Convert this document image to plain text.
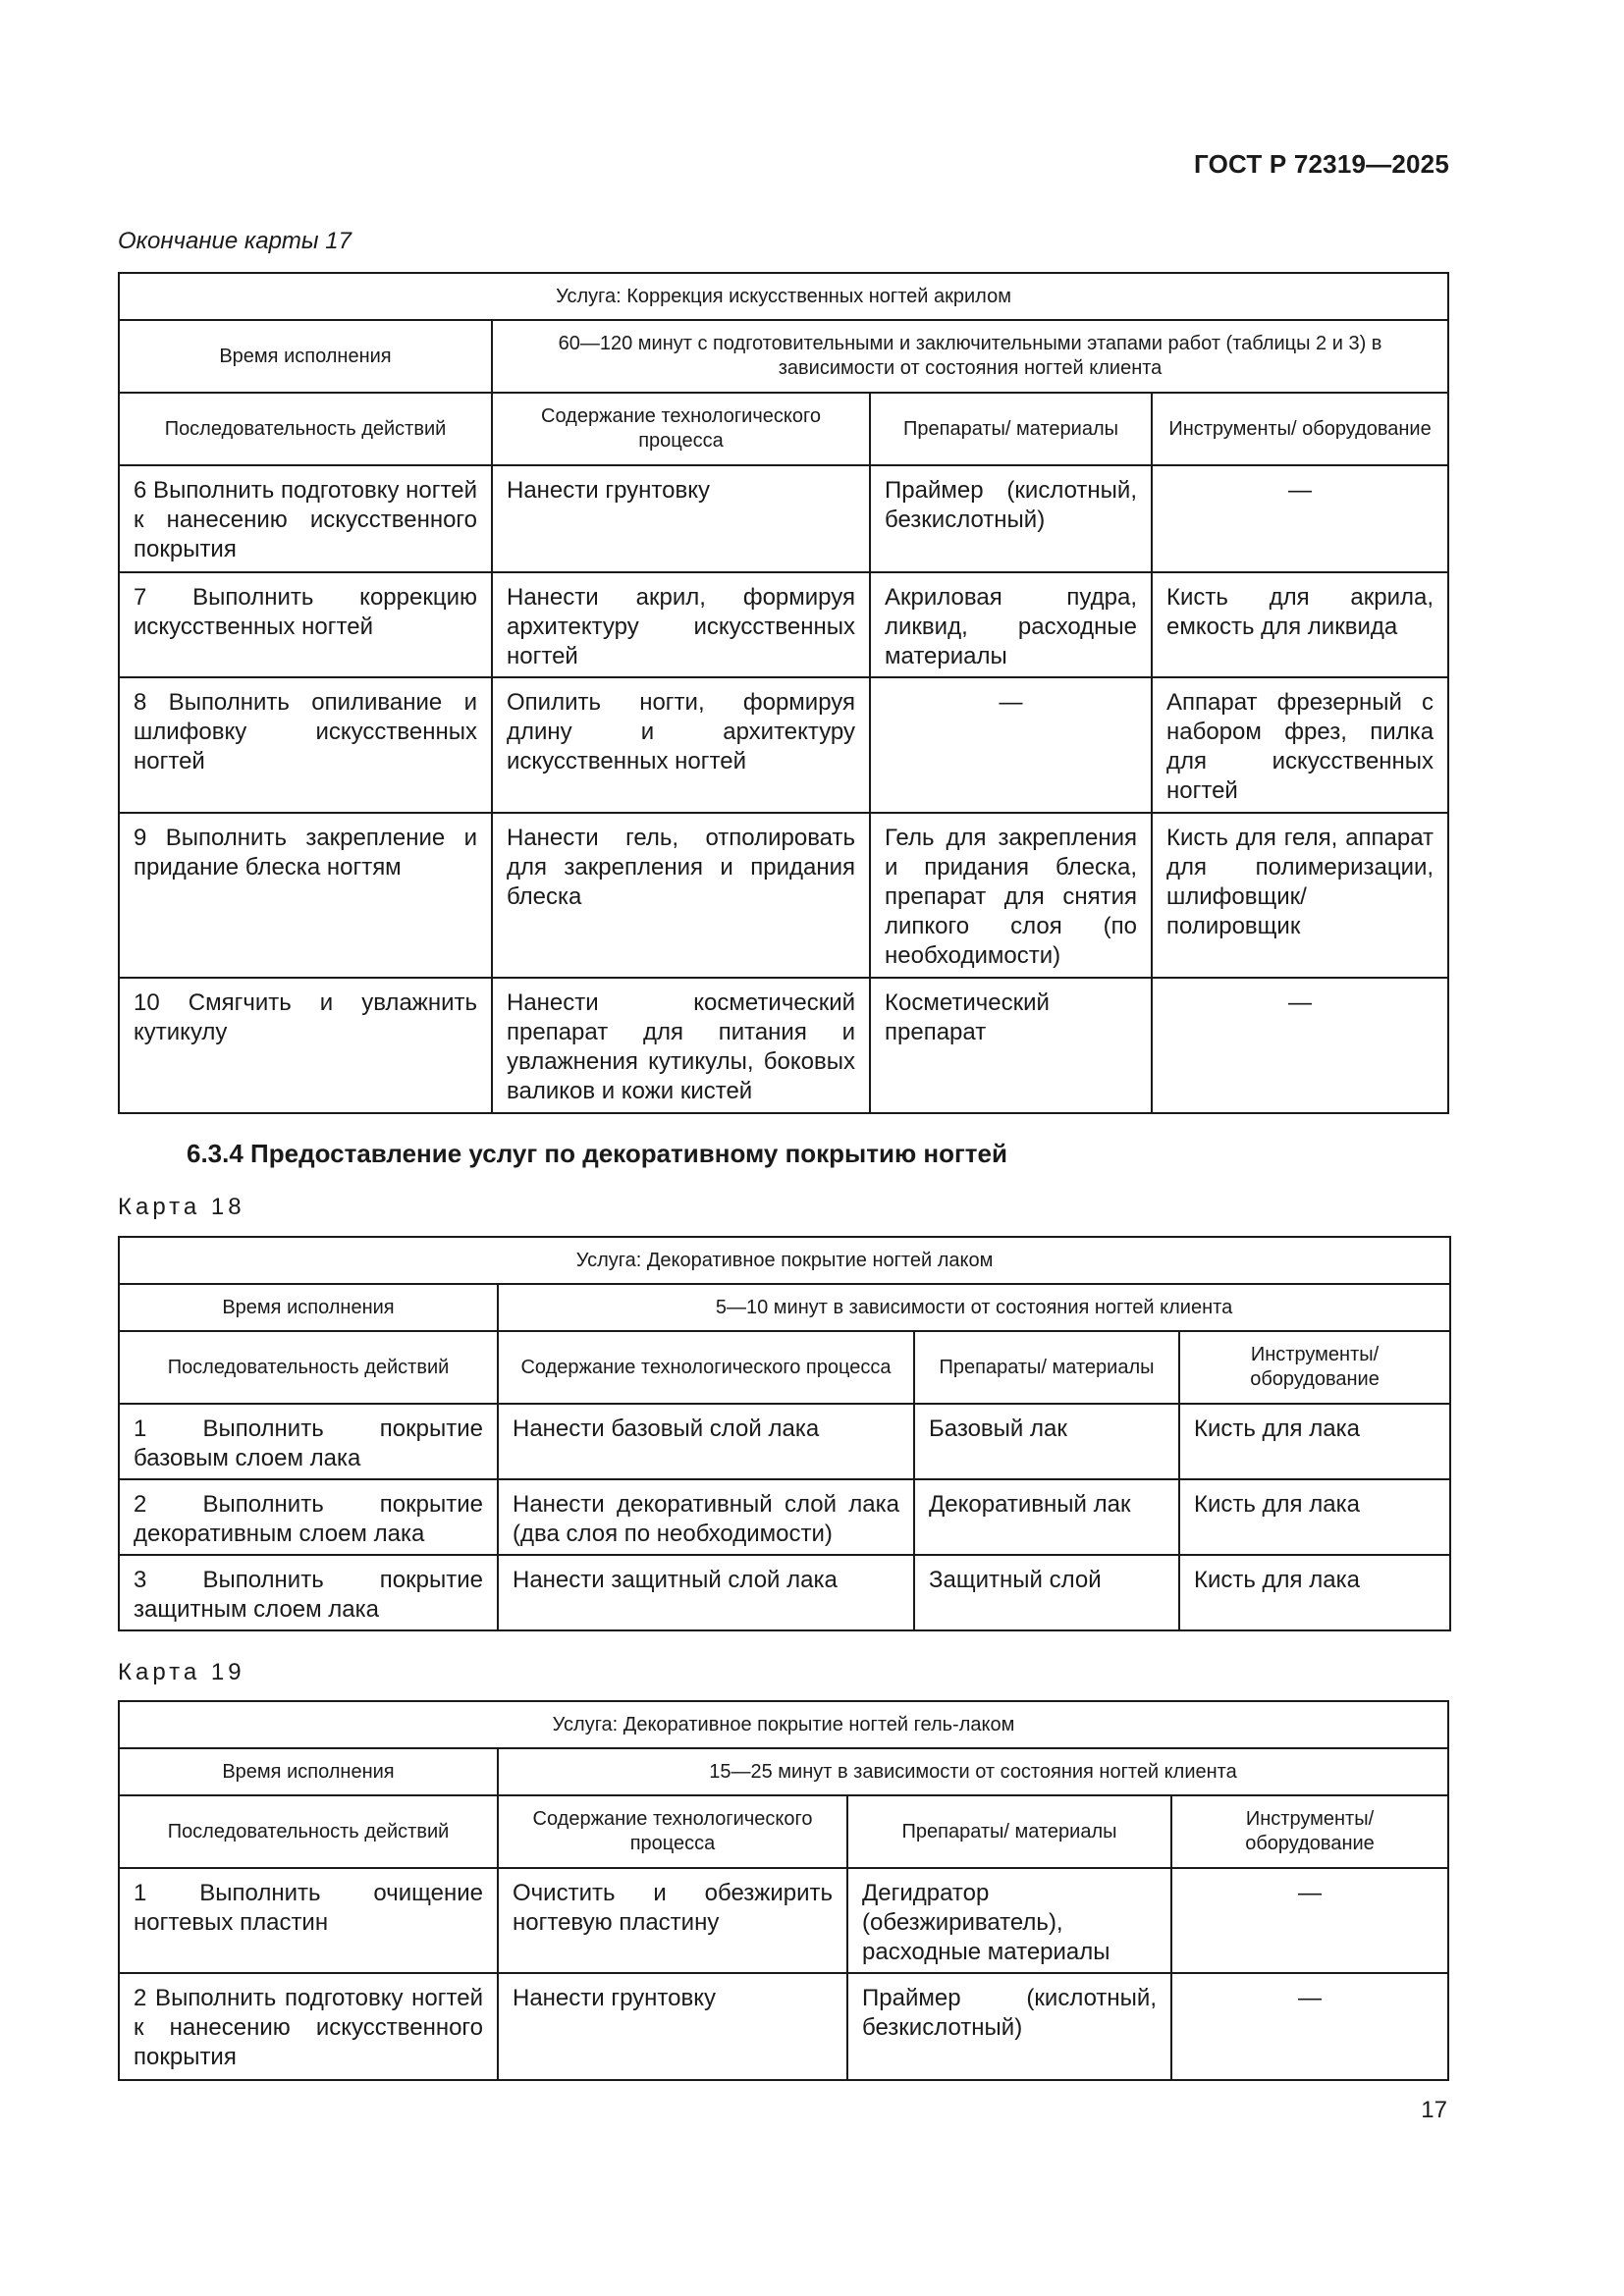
ГОСТ Р 72319—2025
Окончание карты 17
Услуга: Коррекция искусственных ногтей акрилом			
Время исполнения	60—120 минут с подготовительными и заключительными этапами работ (таблицы 2 и 3) в зависимости от состояния ногтей клиента		
Последовательность действий	Содержание технологического процесса	Препараты/ материалы	Инструменты/ оборудование
6 Выполнить подготовку ногтей к нанесению искусственного покрытия	Нанести грунтовку	Праймер (кислотный, безкислотный)	—
7 Выполнить коррекцию искусственных ногтей	Нанести акрил, формируя архитектуру искусственных ногтей	Акриловая пудра, ликвид, расходные материалы	Кисть для акрила, емкость для ликвида
8 Выполнить опиливание и шлифовку искусственных ногтей	Опилить ногти, формируя длину и архитектуру искусственных ногтей	—	Аппарат фрезерный с набором фрез, пилка для искусственных ногтей
9 Выполнить закрепление и придание блеска ногтям	Нанести гель, отполировать для закрепления и придания блеска	Гель для закрепления и придания блеска, препарат для снятия липкого слоя (по необходимости)	Кисть для геля, аппарат для полимеризации, шлифовщик/полировщик
10 Смягчить и увлажнить кутикулу	Нанести косметический препарат для питания и увлажнения кутикулы, боковых валиков и кожи кистей	Косметический препарат	—
6.3.4 Предоставление услуг по декоративному покрытию ногтей
Карта 18
Услуга: Декоративное покрытие ногтей лаком			
Время исполнения	5—10 минут в зависимости от состояния ногтей клиента		
Последовательность действий	Содержание технологического процесса	Препараты/ материалы	Инструменты/ оборудование
1 Выполнить покрытие базовым слоем лака	Нанести базовый слой лака	Базовый лак	Кисть для лака
2 Выполнить покрытие декоративным слоем лака	Нанести декоративный слой лака (два слоя по необходимости)	Декоративный лак	Кисть для лака
3 Выполнить покрытие защитным слоем лака	Нанести защитный слой лака	Защитный слой	Кисть для лака
Карта 19
Услуга: Декоративное покрытие ногтей гель-лаком			
Время исполнения	15—25 минут в зависимости от состояния ногтей клиента		
Последовательность действий	Содержание технологического процесса	Препараты/ материалы	Инструменты/ оборудование
1 Выполнить очищение ногтевых пластин	Очистить и обезжирить ногтевую пластину	Дегидратор (обезжириватель), расходные материалы	—
2 Выполнить подготовку ногтей к нанесению искусственного покрытия	Нанести грунтовку	Праймер (кислотный, безкислотный)	—
17
